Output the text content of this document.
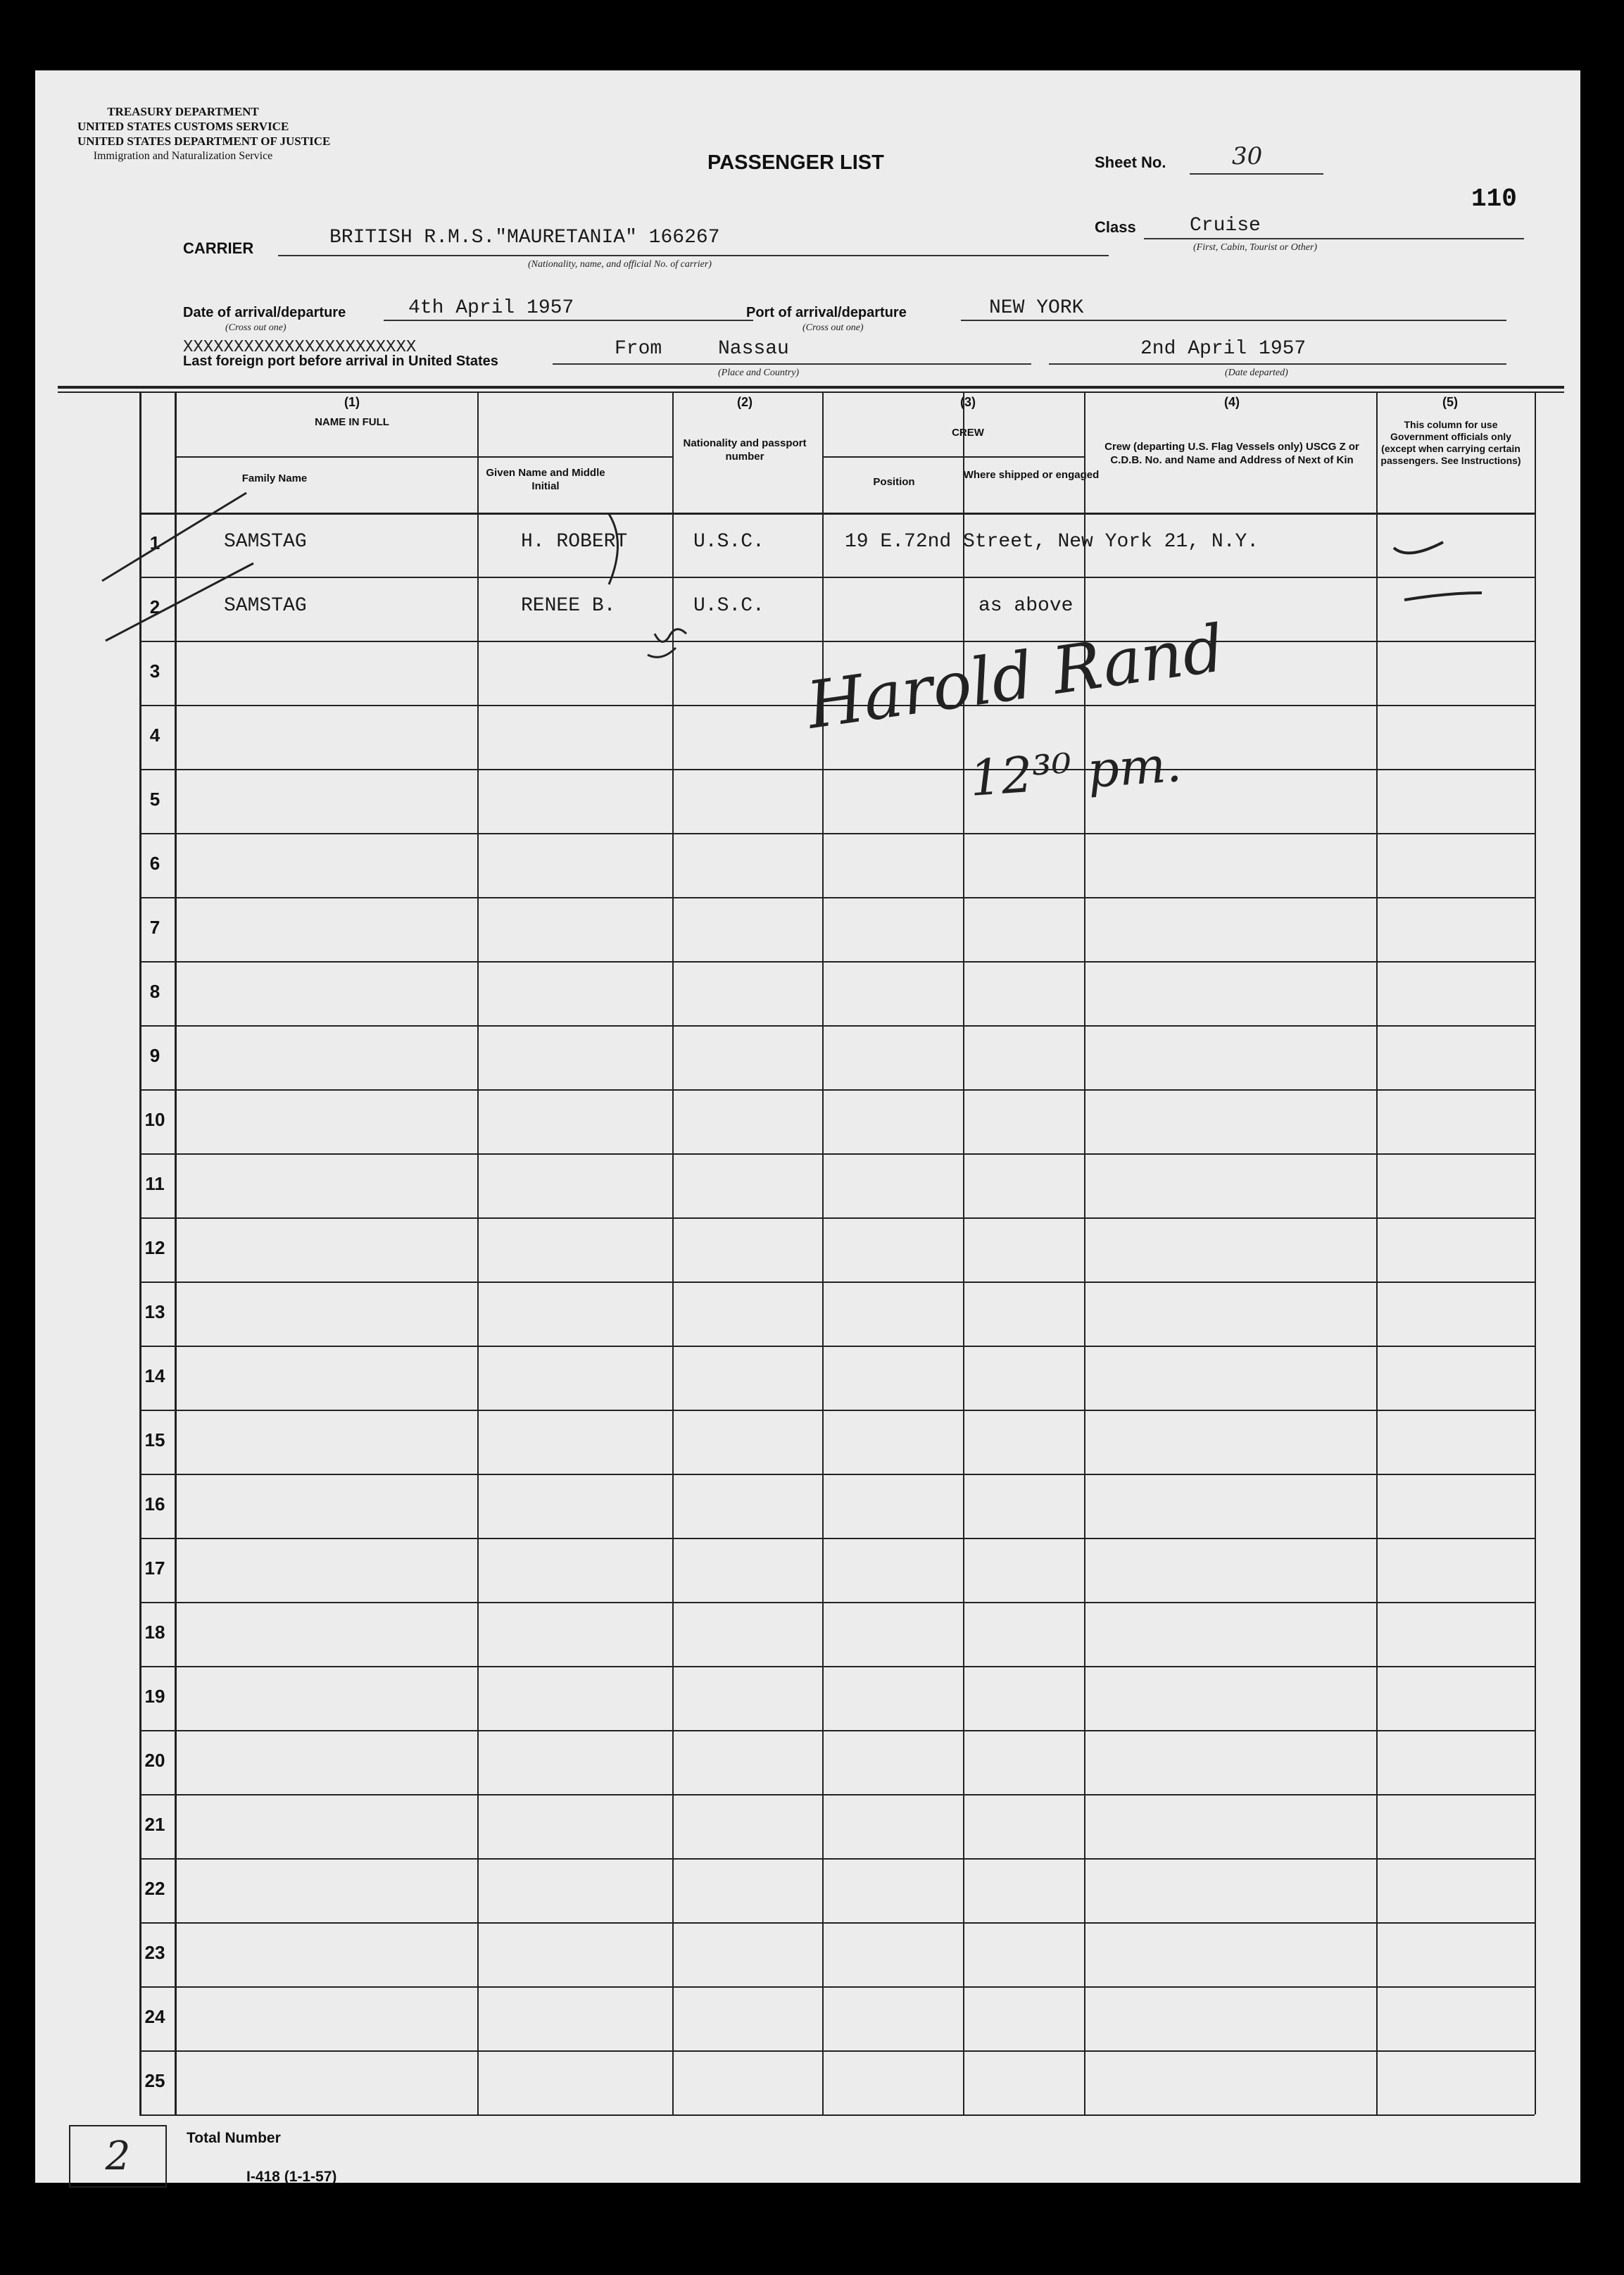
TREASURY DEPARTMENT
UNITED STATES CUSTOMS SERVICE
UNITED STATES DEPARTMENT OF JUSTICE
Immigration and Naturalization Service	PASSENGER LIST	Sheet No.	30
110
CARRIER	BRITISH R.M.S."MAURETANIA" 166267
(Nationality, name, and official No. of carrier)
Class	Cruise
(First, Cabin, Tourist or Other)
Date of arrival/departure
(Cross out one)
4th April 1957	Port of arrival/departure
(Cross out one)
NEW YORK
XXXXXXXXXXXXXXXXXXXXXXX
Last foreign port before arrival in United States
From	Nassau
(Place and Country)
2nd April 1957
(Date departed)
(1)
NAME IN FULL
Family Name	Given Name and Middle Initial
(2)
Nationality and passport number
(3)
CREW
Position
Where shipped or engaged
(4)
Crew (departing U.S. Flag Vessels only) USCG Z or C.D.B. No. and Name and Address of Next of Kin
(5)
This column for use Government officials only (except when carrying certain passengers. See Instructions)
1	SAMSTAG	H. ROBERT	U.S.C.	19 E.72nd Street, New York 21, N.Y.
2	SAMSTAG	RENEE B.	U.S.C.	as above
3
4
5
6
7
8
9
10
11
12
13
14
15
16
17
18
19
20
21
22
23
24
25
Harold Rand
12³⁰ pm.
2	Total Number
I-418 (1-1-57)
